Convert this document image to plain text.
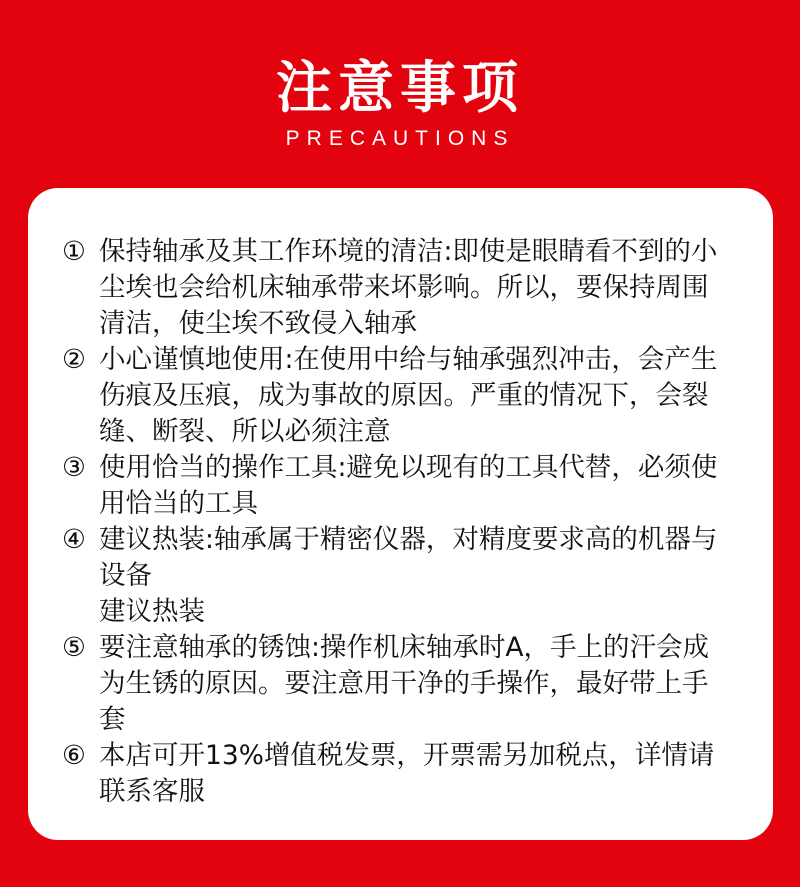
注意事项
PRECAUTIONS
① 保持轴承及其工作环境的清洁:即使是眼睛看不到的小
尘埃也会给机床轴承带来坏影响。所以，要保持周围
清洁，使尘埃不致侵入轴承
② 小心谨慎地使用:在使用中给与轴承强烈冲击，会产生
伤痕及压痕，成为事故的原因。严重的情况下，会裂
缝、断裂、所以必须注意
③ 使用恰当的操作工具:避免以现有的工具代替，必须使
用恰当的工具
④ 建议热装:轴承属于精密仪器，对精度要求高的机器与
设备
建议热装
⑤ 要注意轴承的锈蚀:操作机床轴承时A，手上的汗会成
为生锈的原因。要注意用干净的手操作，最好带上手
套
⑥ 本店可开13%增值税发票，开票需另加税点，详情请
联系客服
